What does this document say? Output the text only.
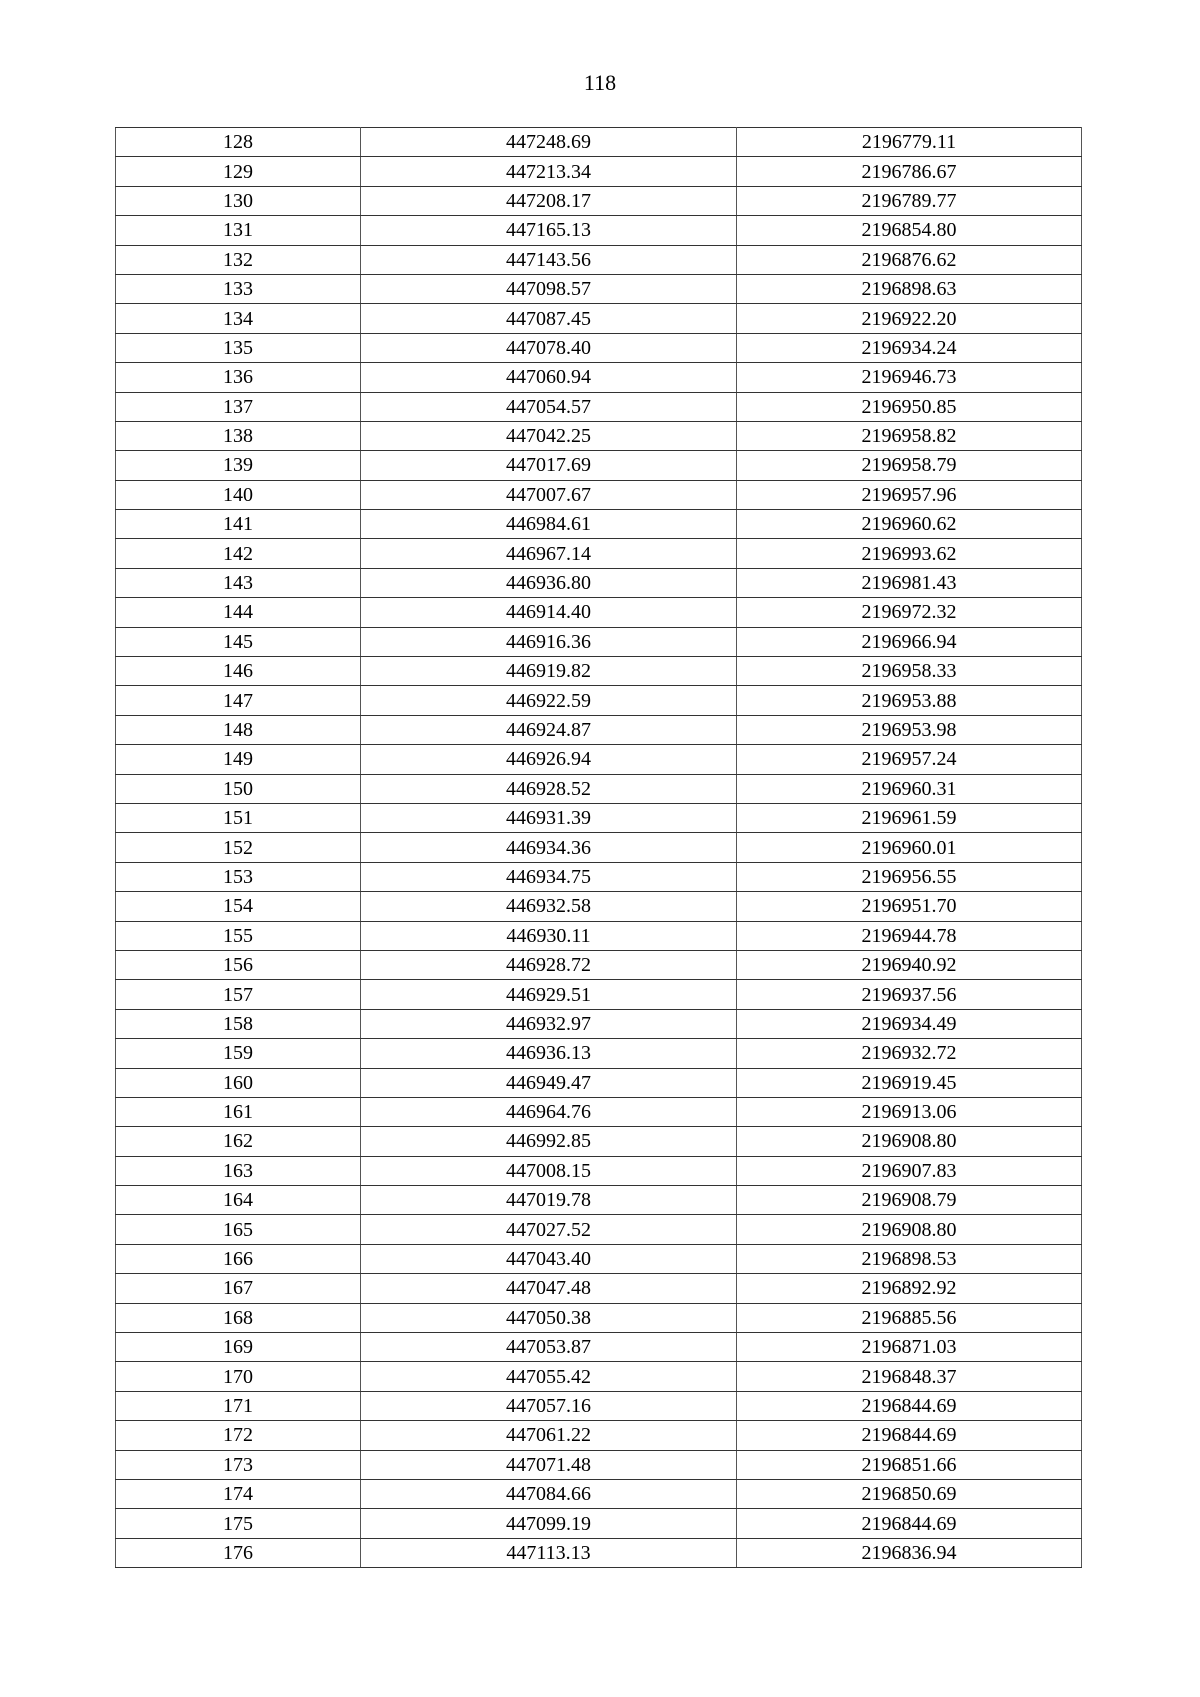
118
128	447248.69	2196779.11
129	447213.34	2196786.67
130	447208.17	2196789.77
131	447165.13	2196854.80
132	447143.56	2196876.62
133	447098.57	2196898.63
134	447087.45	2196922.20
135	447078.40	2196934.24
136	447060.94	2196946.73
137	447054.57	2196950.85
138	447042.25	2196958.82
139	447017.69	2196958.79
140	447007.67	2196957.96
141	446984.61	2196960.62
142	446967.14	2196993.62
143	446936.80	2196981.43
144	446914.40	2196972.32
145	446916.36	2196966.94
146	446919.82	2196958.33
147	446922.59	2196953.88
148	446924.87	2196953.98
149	446926.94	2196957.24
150	446928.52	2196960.31
151	446931.39	2196961.59
152	446934.36	2196960.01
153	446934.75	2196956.55
154	446932.58	2196951.70
155	446930.11	2196944.78
156	446928.72	2196940.92
157	446929.51	2196937.56
158	446932.97	2196934.49
159	446936.13	2196932.72
160	446949.47	2196919.45
161	446964.76	2196913.06
162	446992.85	2196908.80
163	447008.15	2196907.83
164	447019.78	2196908.79
165	447027.52	2196908.80
166	447043.40	2196898.53
167	447047.48	2196892.92
168	447050.38	2196885.56
169	447053.87	2196871.03
170	447055.42	2196848.37
171	447057.16	2196844.69
172	447061.22	2196844.69
173	447071.48	2196851.66
174	447084.66	2196850.69
175	447099.19	2196844.69
176	447113.13	2196836.94
